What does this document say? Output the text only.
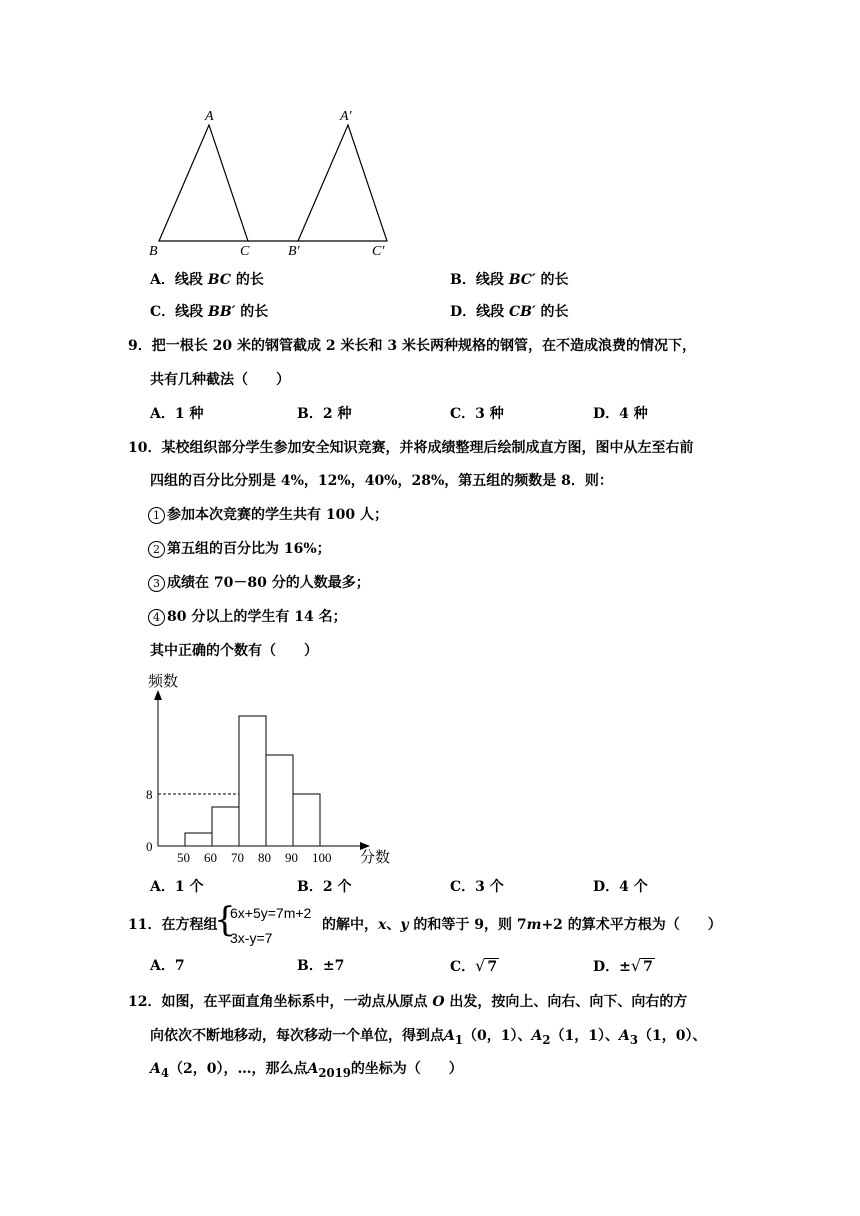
A
B	C
A′
B′	C′
A．线段 BC 的长	B．线段 BC′ 的长
C．线段 BB′ 的长	D．线段 CB′ 的长
9．把一根长 20 米的钢管截成 2 米长和 3 米长两种规格的钢管，在不造成浪费的情况下，
共有几种截法（　　）
A．1 种	B．2 种	C．3 种	D．4 种
10．某校组织部分学生参加安全知识竞赛，并将成绩整理后绘制成直方图，图中从左至右前
四组的百分比分别是 4%，12%，40%，28%，第五组的频数是 8．则：
1 参加本次竞赛的学生共有 100 人；
2 第五组的百分比为 16%；
3 成绩在 70－80 分的人数最多；
4 80 分以上的学生有 14 名；
其中正确的个数有（　　）
50 60 70 80 90 100
0
8
频数
分数
A．1 个	B．2 个	C．3 个	D．4 个
11．在方程组
{
6x+5y=7m+2
3x-y=7
的解中，x、y 的和等于 9，则 7m+2 的算术平方根为（　　）
A．7	B．±7	C．√ 7	D．±√ 7
12．如图，在平面直角坐标系中，一动点从原点 O 出发，按向上、向右、向下、向右的方
向依次不断地移动，每次移动一个单位，得到点$A_1(0$，1）、$A_2(1$，1）、$A_3(1$，0）、
$A_4(2$，0），…，那么点$A_{2019}$的坐标为（　　）
